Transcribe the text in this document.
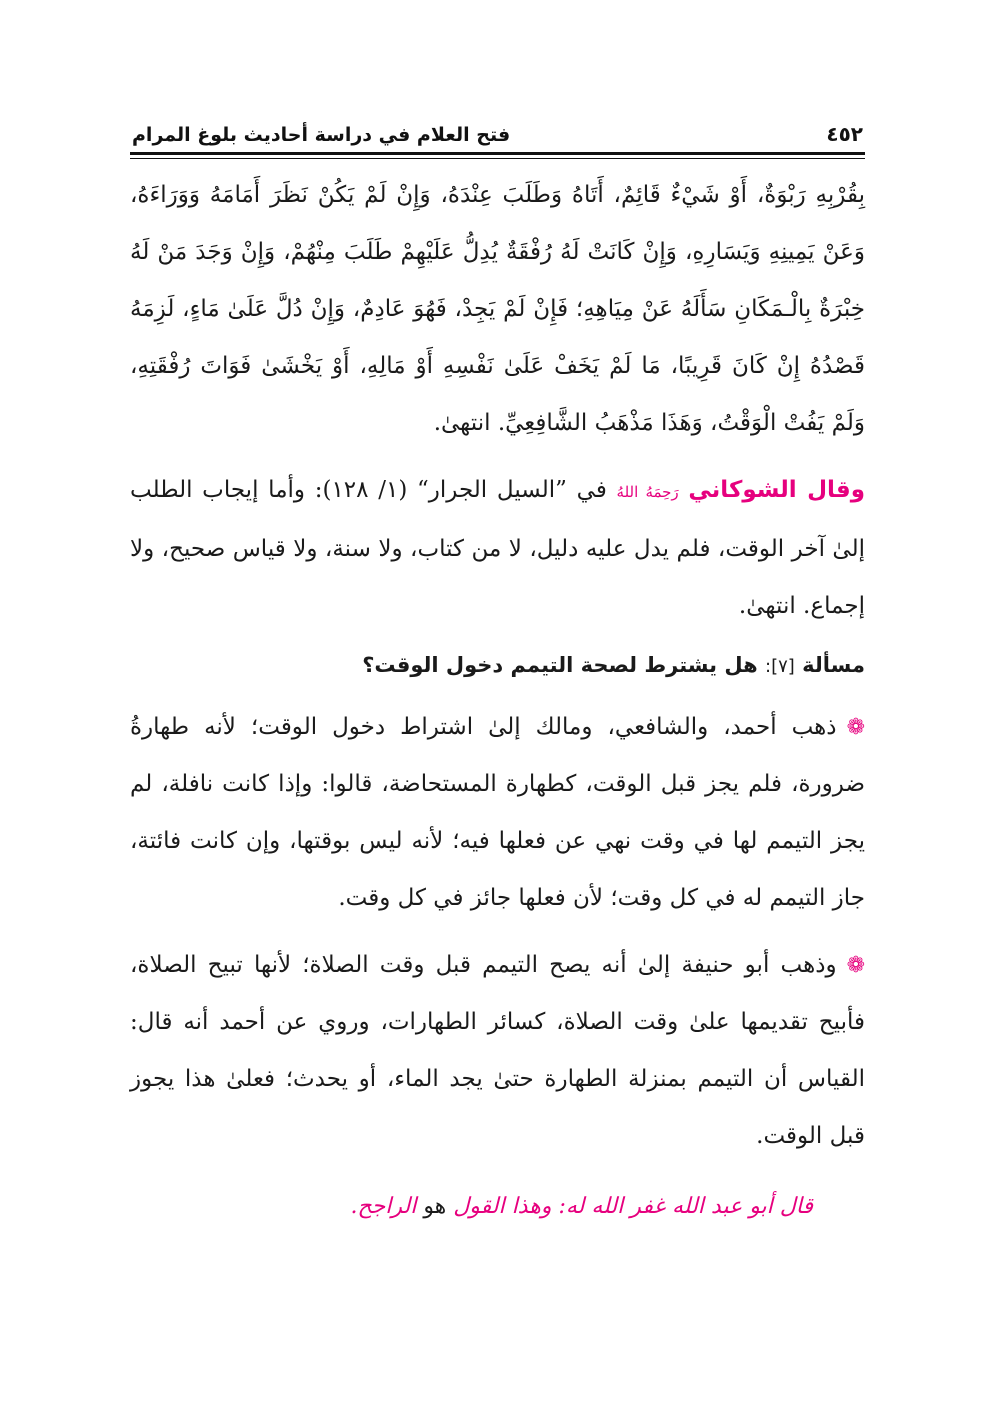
٤٥٢
فتح العلام في دراسة أحاديث بلوغ المرام

بِقُرْبِهِ رَبْوَةٌ، أَوْ شَيْءٌ قَائِمٌ، أَتَاهُ وَطَلَبَ عِنْدَهُ، وَإِنْ لَمْ يَكُنْ نَظَرَ أَمَامَهُ وَوَرَاءَهُ، وَعَنْ يَمِينِهِ وَيَسَارِهِ، وَإِنْ كَانَتْ لَهُ رُفْقَةٌ يُدِلُّ عَلَيْهِمْ طَلَبَ مِنْهُمْ، وَإِنْ وَجَدَ مَنْ لَهُ خِبْرَةٌ بِالْـمَكَانِ سَأَلَهُ عَنْ مِيَاهِهِ؛ فَإِنْ لَمْ يَجِدْ، فَهُوَ عَادِمٌ، وَإِنْ دُلَّ عَلَىٰ مَاءٍ، لَزِمَهُ قَصْدُهُ إِنْ كَانَ قَرِيبًا، مَا لَمْ يَخَفْ عَلَىٰ نَفْسِهِ أَوْ مَالِهِ، أَوْ يَخْشَىٰ فَوَاتَ رُفْقَتِهِ، وَلَمْ يَفُتْ الْوَقْتُ، وَهَذَا مَذْهَبُ الشَّافِعِيِّ. انتهىٰ.

وقال الشوكاني رَحِمَهُ اللهُ في ”السيل الجرار“ (١/ ١٢٨): وأما إيجاب الطلب إلىٰ آخر الوقت، فلم يدل عليه دليل، لا من كتاب، ولا سنة، ولا قياس صحيح، ولا إجماع. انتهىٰ.

مسألة [٧]: هل يشترط لصحة التيمم دخول الوقت؟

❁ذهب أحمد، والشافعي، ومالك إلىٰ اشتراط دخول الوقت؛ لأنه طهارةُ ضرورة، فلم يجز قبل الوقت، كطهارة المستحاضة، قالوا: وإذا كانت نافلة، لم يجز التيمم لها في وقت نهي عن فعلها فيه؛ لأنه ليس بوقتها، وإن كانت فائتة، جاز التيمم له في كل وقت؛ لأن فعلها جائز في كل وقت.

❁وذهب أبو حنيفة إلىٰ أنه يصح التيمم قبل وقت الصلاة؛ لأنها تبيح الصلاة، فأبيح تقديمها علىٰ وقت الصلاة، كسائر الطهارات، وروي عن أحمد أنه قال: القياس أن التيمم بمنزلة الطهارة حتىٰ يجد الماء، أو يحدث؛ فعلىٰ هذا يجوز قبل الوقت.

قال أبو عبد الله غفر الله له: وهذا القول هو الراجح.
